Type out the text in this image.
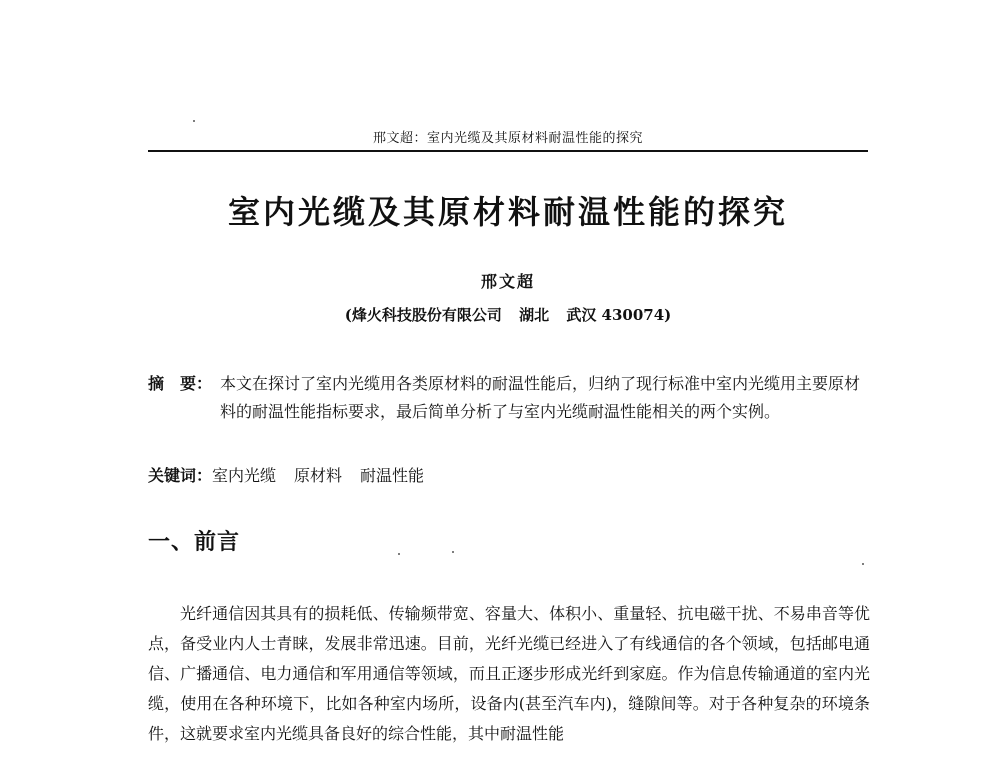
邢文超：室内光缆及其原材料耐温性能的探究
室内光缆及其原材料耐温性能的探究
邢文超
(烽火科技股份有限公司 湖北 武汉 430074)
摘　要： 本文在探讨了室内光缆用各类原材料的耐温性能后，归纳了现行标准中室内光缆用主要原材料的耐温性能指标要求，最后简单分析了与室内光缆耐温性能相关的两个实例。
关键词：室内光缆 原材料 耐温性能
一、前言

光纤通信因其具有的损耗低、传输频带宽、容量大、体积小、重量轻、抗电磁干扰、不易串音等优点，备受业内人士青睐，发展非常迅速。目前，光纤光缆已经进入了有线通信的各个领域，包括邮电通信、广播通信、电力通信和军用通信等领域，而且正逐步形成光纤到家庭。作为信息传输通道的室内光缆，使用在各种环境下，比如各种室内场所，设备内(甚至汽车内)，缝隙间等。对于各种复杂的环境条件，这就要求室内光缆具备良好的综合性能，其中耐温性能
